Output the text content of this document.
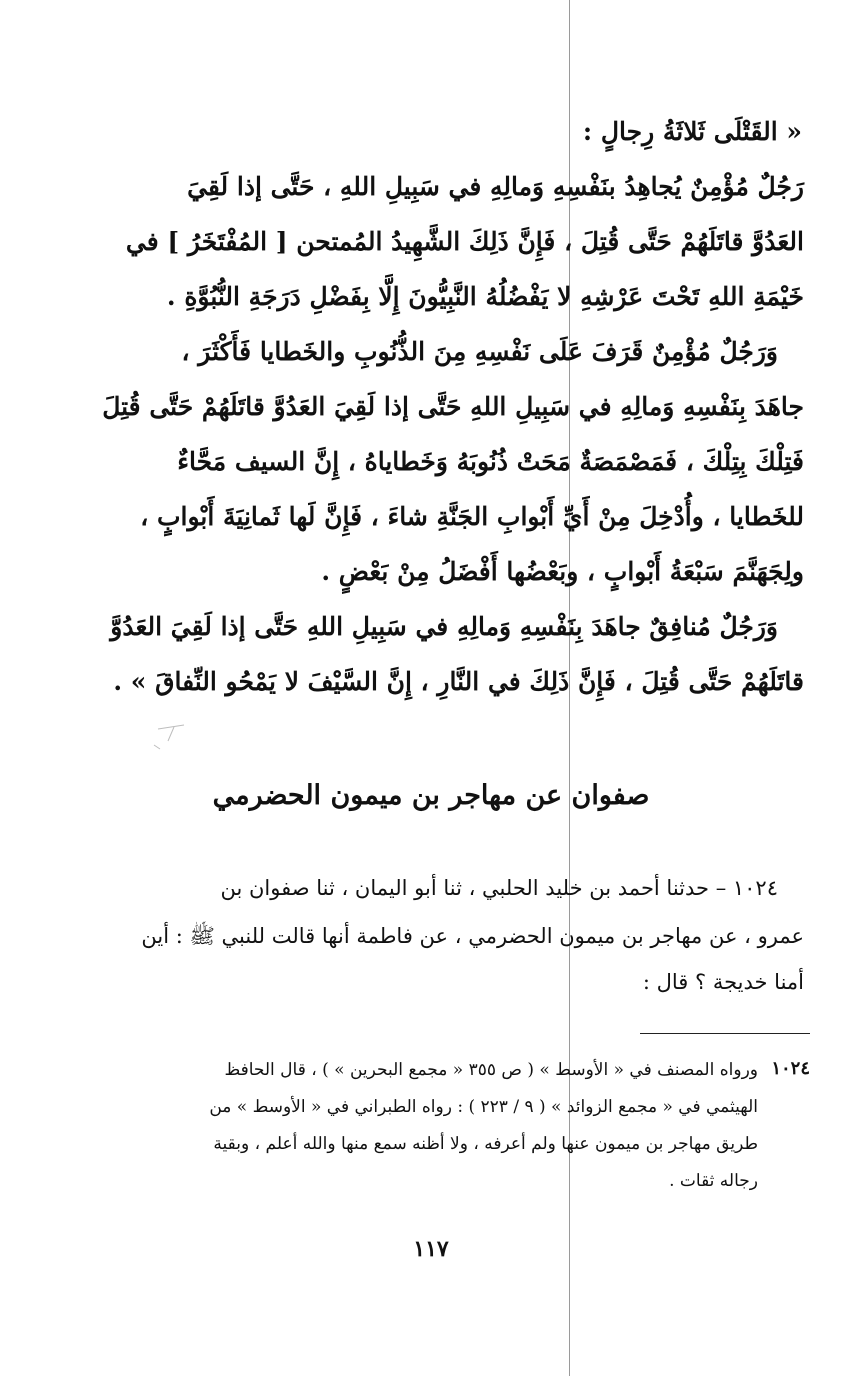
« القَتْلَى ثَلاثَةُ رِجالٍ :
رَجُلٌ مُؤْمِنٌ يُجاهِدُ بنَفْسِهِ وَمالِهِ في سَبِيلِ اللهِ ، حَتَّى إذا لَقِيَ
العَدُوَّ قاتَلَهُمْ حَتَّى قُتِلَ ، فَإِنَّ ذَلِكَ الشَّهِيدُ المُمتحن [ المُفْتَخَرُ ] في
خَيْمَةِ اللهِ تَحْتَ عَرْشِهِ لا يَفْضُلُهُ النَّبِيُّونَ إِلَّا بِفَضْلِ دَرَجَةِ النُّبُوَّةِ .
وَرَجُلٌ مُؤْمِنٌ قَرَفَ عَلَى نَفْسِهِ مِنَ الذُّنُوبِ والخَطايا فَأَكْثَرَ ،
جاهَدَ بِنَفْسِهِ وَمالِهِ في سَبِيلِ اللهِ حَتَّى إذا لَقِيَ العَدُوَّ قاتَلَهُمْ حَتَّى قُتِلَ
فَتِلْكَ بِتِلْكَ ، فَمَصْمَصَةٌ مَحَتْ ذُنُوبَهُ وَخَطاياهُ ، إِنَّ السيف مَحَّاءٌ
للخَطايا ، وأُدْخِلَ مِنْ أَيِّ أَبْوابِ الجَنَّةِ شاءَ ، فَإِنَّ لَها ثَمانِيَةَ أَبْوابٍ ،
ولِجَهَنَّمَ سَبْعَةُ أَبْوابٍ ، وبَعْضُها أَفْضَلُ مِنْ بَعْضٍ .
وَرَجُلٌ مُنافِقٌ جاهَدَ بِنَفْسِهِ وَمالِهِ في سَبِيلِ اللهِ حَتَّى إذا لَقِيَ العَدُوَّ
قاتَلَهُمْ حَتَّى قُتِلَ ، فَإِنَّ ذَلِكَ في النَّارِ ، إِنَّ السَّيْفَ لا يَمْحُو النِّفاقَ » .
صفوان عن مهاجر بن ميمون الحضرمي
١٠٢٤ – حدثنا أحمد بن خليد الحلبي ، ثنا أبو اليمان ، ثنا صفوان بن
عمرو ، عن مهاجر بن ميمون الحضرمي ، عن فاطمة أنها قالت للنبي ﷺ : أين
أمنا خديجة ؟ قال :
١٠٢٤
ورواه المصنف في « الأوسط » ( ص ٣٥٥ « مجمع البحرين » ) ، قال الحافظ
الهيثمي في « مجمع الزوائد » ( ٩ / ٢٢٣ ) : رواه الطبراني في « الأوسط » من
طريق مهاجر بن ميمون عنها ولم أعرفه ، ولا أظنه سمع منها والله أعلم ، وبقية
رجاله ثقات .
١١٧
